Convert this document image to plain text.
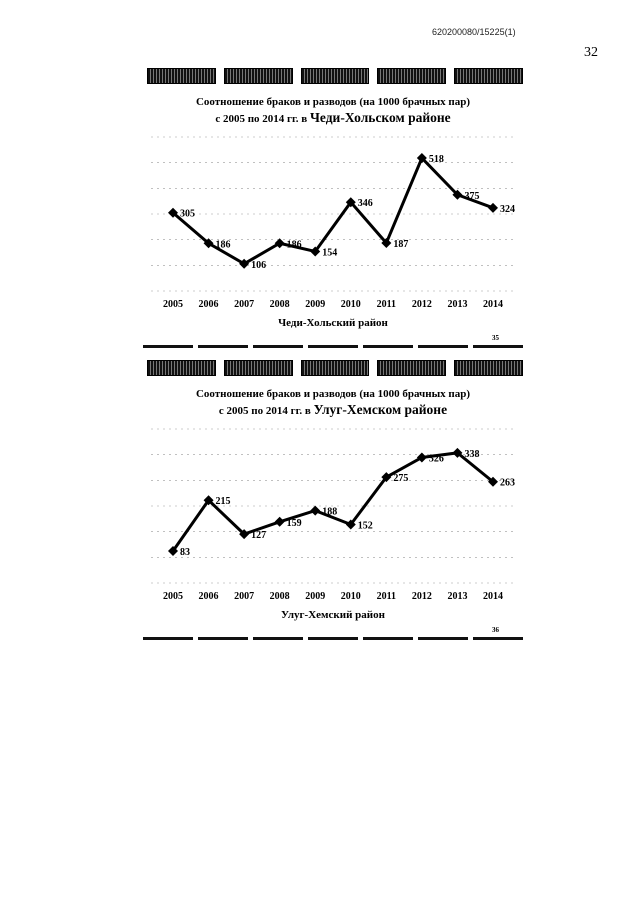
620200080/15225(1)
32
Соотношение браков и разводов (на 1000 брачных пар)
с 2005 по 2014 гг. в Чеди-Хольском районе
305
186
106
186
154
346
187
518
375
324
2005 2006 2007 2008 2009 2010 2011 2012 2013 2014
Чеди-Хольский район
35
Соотношение браков и разводов (на 1000 брачных пар)
с 2005 по 2014 гг. в Улуг-Хемском районе
83
215
127
159
188
152
275
326 338
263
2005 2006 2007 2008 2009 2010 2011 2012 2013 2014
Улуг-Хемский район
36
